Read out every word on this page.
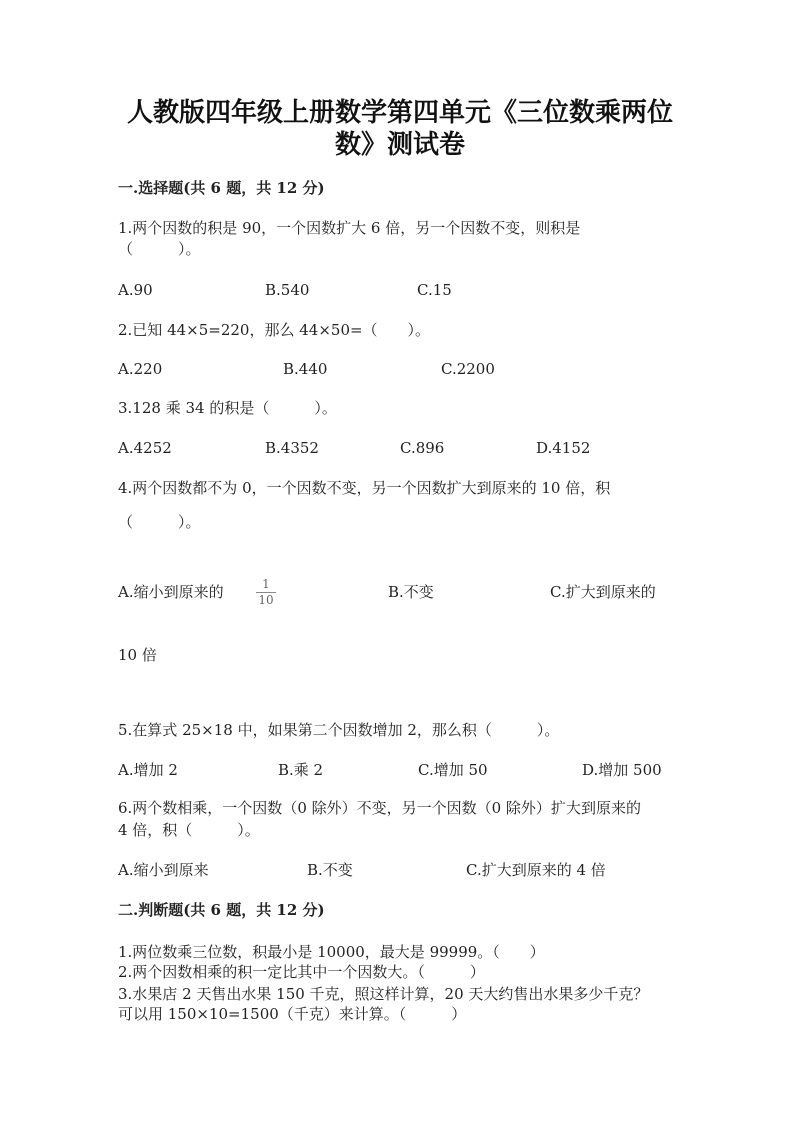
人教版四年级上册数学第四单元《三位数乘两位
数》测试卷
一.选择题(共 6 题，共 12 分)
1.两个因数的积是 90，一个因数扩大 6 倍，另一个因数不变，则积是
（　　　）。
A.90	B.540	C.15
2.已知 44×5=220，那么 44×50=（　　）。
A.220	B.440	C.2200
3.128 乘 34 的积是（　　　）。
A.4252	B.4352	C.896	D.4152
4.两个因数都不为 0，一个因数不变，另一个因数扩大到原来的 10 倍，积
（　　　）。
A.缩小到原来的	1
10	B.不变	C.扩大到原来的
10 倍
5.在算式 25×18 中，如果第二个因数增加 2，那么积（　　　）。
A.增加 2	B.乘 2	C.增加 50	D.增加 500
6.两个数相乘，一个因数（0 除外）不变，另一个因数（0 除外）扩大到原来的
4 倍，积（　　　）。
A.缩小到原来	B.不变	C.扩大到原来的 4 倍
二.判断题(共 6 题，共 12 分)
1.两位数乘三位数，积最小是 10000，最大是 99999。（　　）
2.两个因数相乘的积一定比其中一个因数大。（　　　）
3.水果店 2 天售出水果 150 千克，照这样计算，20 天大约售出水果多少千克？
可以用 150×10=1500（千克）来计算。（　　　）
